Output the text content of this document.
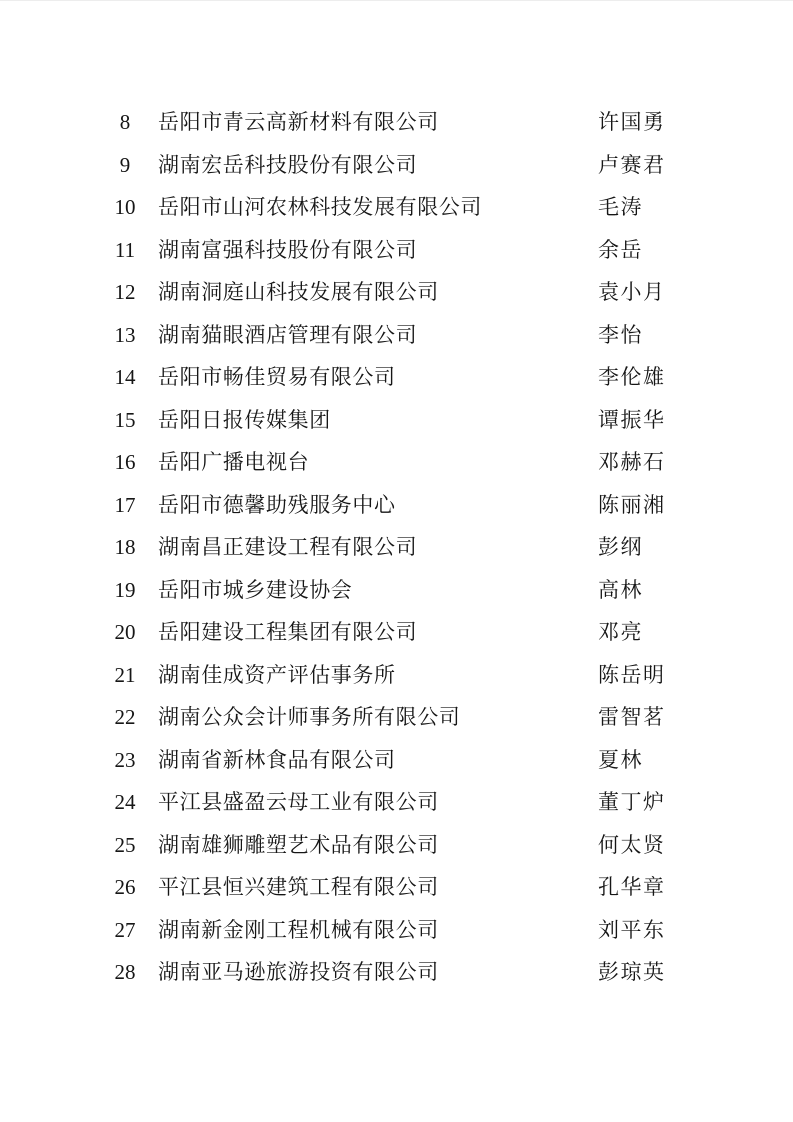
8	岳阳市青云高新材料有限公司	许国勇
9	湖南宏岳科技股份有限公司	卢赛君
10	岳阳市山河农林科技发展有限公司	毛涛
11	湖南富强科技股份有限公司	余岳
12	湖南洞庭山科技发展有限公司	袁小月
13	湖南猫眼酒店管理有限公司	李怡
14	岳阳市畅佳贸易有限公司	李伦雄
15	岳阳日报传媒集团	谭振华
16	岳阳广播电视台	邓赫石
17	岳阳市德馨助残服务中心	陈丽湘
18	湖南昌正建设工程有限公司	彭纲
19	岳阳市城乡建设协会	高林
20	岳阳建设工程集团有限公司	邓亮
21	湖南佳成资产评估事务所	陈岳明
22	湖南公众会计师事务所有限公司	雷智茗
23	湖南省新林食品有限公司	夏林
24	平江县盛盈云母工业有限公司	董丁炉
25	湖南雄狮雕塑艺术品有限公司	何太贤
26	平江县恒兴建筑工程有限公司	孔华章
27	湖南新金刚工程机械有限公司	刘平东
28	湖南亚马逊旅游投资有限公司	彭琼英
